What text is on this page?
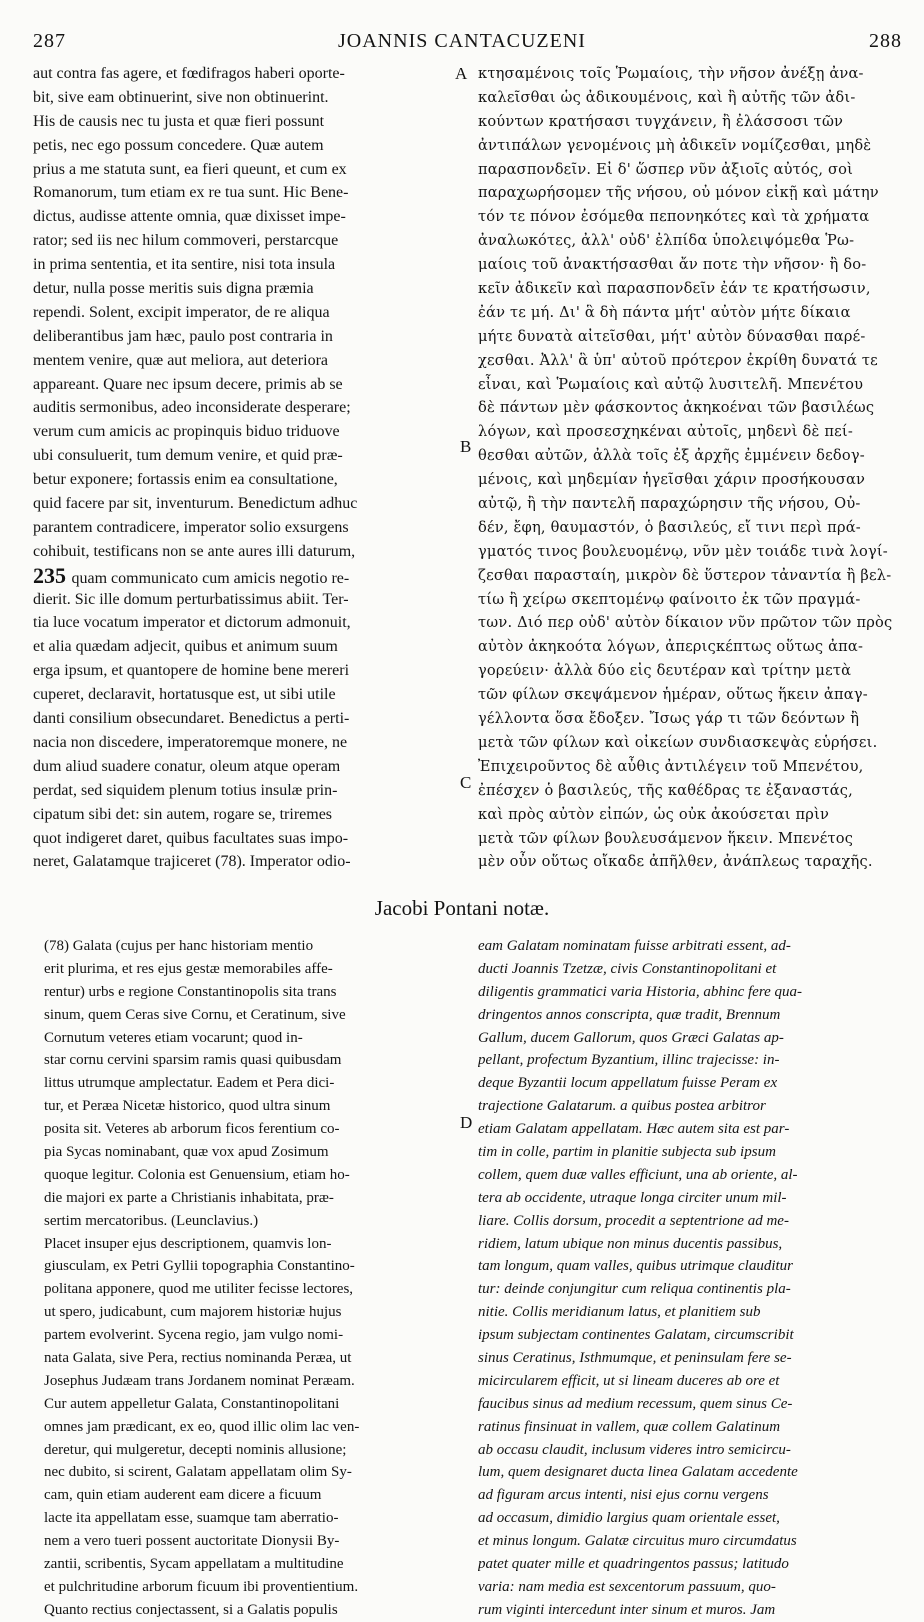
287	JOANNIS CANTACUZENI	288
aut contra fas agere, et fœdifragos haberi oporte-
bit, sive eam obtinuerint, sive non obtinuerint.
His de causis nec tu justa et quæ fieri possunt
petis, nec ego possum concedere. Quæ autem
prius a me statuta sunt, ea fieri queunt, et cum ex
Romanorum, tum etiam ex re tua sunt. Hic Bene-
dictus, audisse attente omnia, quæ dixisset impe-
rator; sed iis nec hilum commoveri, perstarcque
in prima sententia, et ita sentire, nisi tota insula
detur, nulla posse meritis suis digna præmia
rependi. Solent, excipit imperator, de re aliqua
deliberantibus jam hæc, paulo post contraria in
mentem venire, quæ aut meliora, aut deteriora
appareant. Quare nec ipsum decere, primis ab se
auditis sermonibus, adeo inconsiderate desperare;
verum cum amicis ac propinquis biduo triduove
ubi consuluerit, tum demum venire, et quid præ-
betur exponere; fortassis enim ea consultatione,
quid facere par sit, inventurum. Benedictum adhuc
parantem contradicere, imperator solio exsurgens
cohibuit, testificans non se ante aures illi daturum,
235 quam communicato cum amicis negotio re-
dierit. Sic ille domum perturbatissimus abiit. Ter-
tia luce vocatum imperator et dictorum admonuit,
et alia quædam adjecit, quibus et animum suum
erga ipsum, et quantopere de homine bene mereri
cuperet, declaravit, hortatusque est, ut sibi utile
danti consilium obsecundaret. Benedictus a perti-
nacia non discedere, imperatoremque monere, ne
dum aliud suadere conatur, oleum atque operam
perdat, sed siquidem plenum totius insulæ prin-
cipatum sibi det: sin autem, rogare se, triremes
quot indigeret daret, quibus facultates suas impo-
neret, Galatamque trajiceret (78). Imperator odio-
κτησαμένοις τοῖς Ῥωμαίοις, τὴν νῆσον ἀνέξῃ ἀνα-
καλεῖσθαι ὡς ἀδικουμένοις, καὶ ἢ αὐτῆς τῶν ἀδι-
κούντων κρατήσασι τυγχάνειν, ἢ ἐλάσσοσι τῶν
ἀντιπάλων γενομένοις μὴ ἀδικεῖν νομίζεσθαι, μηδὲ
παρασπονδεῖν. Εἰ δ' ὥσπερ νῦν ἀξιοῖς αὐτός, σοὶ
παραχωρήσομεν τῆς νήσου, οὐ μόνον εἰκῇ καὶ μάτην
τόν τε πόνον ἐσόμεθα πεπονηκότες καὶ τὰ χρήματα
ἀναλωκότες, ἀλλ' οὐδ' ἐλπίδα ὑπολειψόμεθα Ῥω-
μαίοις τοῦ ἀνακτήσασθαι ἄν ποτε τὴν νῆσον· ἢ δο-
κεῖν ἀδικεῖν καὶ παρασπονδεῖν ἐάν τε κρατήσωσιν,
ἐάν τε μή. Δι' ἃ δὴ πάντα μήτ' αὐτὸν μήτε δίκαια
μήτε δυνατὰ αἰτεῖσθαι, μήτ' αὐτὸν δύνασθαι παρέ-
χεσθαι. Ἀλλ' ἃ ὑπ' αὐτοῦ πρότερον ἐκρίθη δυνατά τε
εἶναι, καὶ Ῥωμαίοις καὶ αὐτῷ λυσιτελῆ. Μπενέτου
δὲ πάντων μὲν φάσκοντος ἀκηκοέναι τῶν βασιλέως
λόγων, καὶ προσεσχηκέναι αὐτοῖς, μηδενὶ δὲ πεί-
θεσθαι αὐτῶν, ἀλλὰ τοῖς ἐξ ἀρχῆς ἐμμένειν δεδογ-
μένοις, καὶ μηδεμίαν ἡγεῖσθαι χάριν προσήκουσαν
αὐτῷ, ἢ τὴν παντελῆ παραχώρησιν τῆς νήσου, Οὐ-
δέν, ἔφη, θαυμαστόν, ὁ βασιλεύς, εἴ τινι περὶ πρά-
γματός τινος βουλευομένῳ, νῦν μὲν τοιάδε τινὰ λογί-
ζεσθαι παρασταίη, μικρὸν δὲ ὕστερον τἀναντία ἢ βελ-
τίω ἢ χείρω σκεπτομένῳ φαίνοιτο ἐκ τῶν πραγμά-
των. Διό περ οὐδ' αὐτὸν δίκαιον νῦν πρῶτον τῶν πρὸς
αὐτὸν ἀκηκοότα λόγων, ἀπεριςκέπτως οὕτως ἀπα-
γορεύειν· ἀλλὰ δύο εἰς δευτέραν καὶ τρίτην μετὰ
τῶν φίλων σκεψάμενον ἡμέραν, οὕτως ἥκειν ἀπαγ-
γέλλοντα ὅσα ἔδοξεν. Ἴσως γάρ τι τῶν δεόντων ἢ
μετὰ τῶν φίλων καὶ οἰκείων συνδιασκεψὰς εὑρήσει.
Ἐπιχειροῦντος δὲ αὖθις ἀντιλέγειν τοῦ Μπενέτου,
ἐπέσχεν ὁ βασιλεύς, τῆς καθέδρας τε ἐξαναστάς,
καὶ πρὸς αὐτὸν εἰπών, ὡς οὐκ ἀκούσεται πρὶν
μετὰ τῶν φίλων βουλευσάμενον ἥκειν. Μπενέτος
μὲν οὖν οὕτως οἴκαδε ἀπῆλθεν, ἀνάπλεως ταραχῆς.
A
B
C
D
Jacobi Pontani notæ.
(78) Galata (cujus per hanc historiam mentio
erit plurima, et res ejus gestæ memorabiles affe-
rentur) urbs e regione Constantinopolis sita trans
sinum, quem Ceras sive Cornu, et Ceratinum, sive
Cornutum veteres etiam vocarunt; quod in-
star cornu cervini sparsim ramis quasi quibusdam
littus utrumque amplectatur. Eadem et Pera dici-
tur, et Peræa Nicetæ historico, quod ultra sinum
posita sit. Veteres ab arborum ficos ferentium co-
pia Sycas nominabant, quæ vox apud Zosimum
quoque legitur. Colonia est Genuensium, etiam ho-
die majori ex parte a Christianis inhabitata, præ-
sertim mercatoribus. (Leunclavius.)
Placet insuper ejus descriptionem, quamvis lon-
giusculam, ex Petri Gyllii topographia Constantino-
politana apponere, quod me utiliter fecisse lectores,
ut spero, judicabunt, cum majorem historiæ hujus
partem evolverint. Sycena regio, jam vulgo nomi-
nata Galata, sive Pera, rectius nominanda Peræa, ut
Josephus Judæam trans Jordanem nominat Peræam.
Cur autem appelletur Galata, Constantinopolitani
omnes jam prædicant, ex eo, quod illic olim lac ven-
deretur, qui mulgeretur, decepti nominis allusione;
nec dubito, si scirent, Galatam appellatam olim Sy-
cam, quin etiam auderent eam dicere a ficuum
lacte ita appellatam esse, suamque tam aberratio-
nem a vero tueri possent auctoritate Dionysii By-
zantii, scribentis, Sycam appellatam a multitudine
et pulchritudine arborum ficuum ibi proventientium.
Quanto rectius conjectassent, si a Galatis populis
eam Galatam nominatam fuisse arbitrati essent, ad-
ducti Joannis Tzetzæ, civis Constantinopolitani et
diligentis grammatici varia Historia, abhinc fere qua-
dringentos annos conscripta, quæ tradit, Brennum
Gallum, ducem Gallorum, quos Græci Galatas ap-
pellant, profectum Byzantium, illinc trajecisse: in-
deque Byzantii locum appellatum fuisse Peram ex
trajectione Galatarum. a quibus postea arbitror
etiam Galatam appellatam. Hæc autem sita est par-
tim in colle, partim in planitie subjecta sub ipsum
collem, quem duæ valles efficiunt, una ab oriente, al-
tera ab occidente, utraque longa circiter unum mil-
liare. Collis dorsum, procedit a septentrione ad me-
ridiem, latum ubique non minus ducentis passibus,
tam longum, quam valles, quibus utrimque clauditur
tur: deinde conjungitur cum reliqua continentis pla-
nitie. Collis meridianum latus, et planitiem sub
ipsum subjectam continentes Galatam, circumscribit
sinus Ceratinus, Isthmumque, et peninsulam fere se-
micircularem efficit, ut si lineam duceres ab ore et
faucibus sinus ad medium recessum, quem sinus Ce-
ratinus finsinuat in vallem, quæ collem Galatinum
ab occasu claudit, inclusum videres intro semicircu-
lum, quem designaret ducta linea Galatam accedente
ad figuram arcus intenti, nisi ejus cornu vergens
ad occasum, dimidio largius quam orientale esset,
et minus longum. Galatæ circuitus muro circumdatus
patet quater mille et quadringentos passus; latitudo
varia: nam media est sexcentorum passuum, quo-
rum viginti intercedunt inter sinum et muros. Jam
